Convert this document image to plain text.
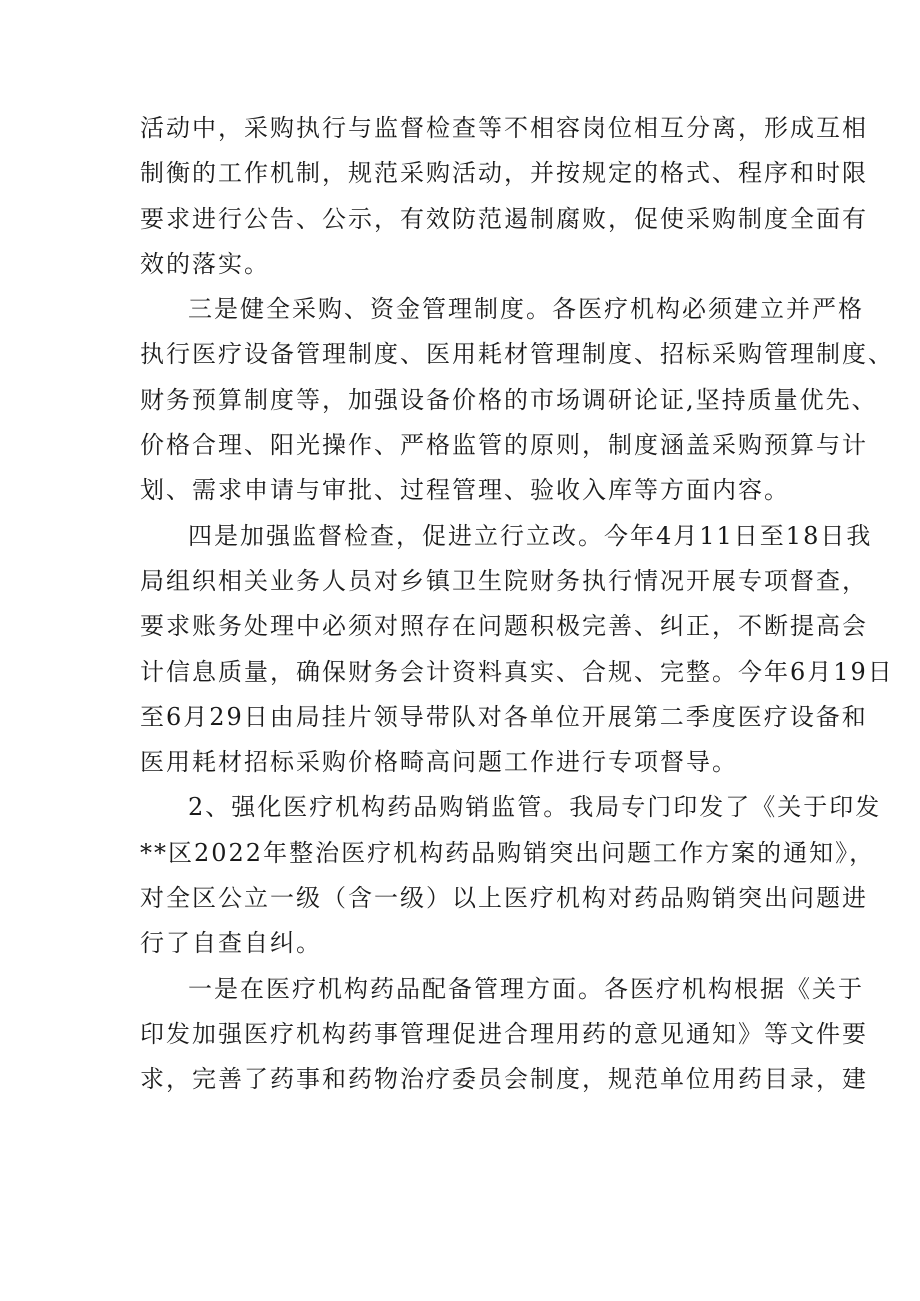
活动中，采购执行与监督检查等不相容岗位相互分离，形成互相
制衡的工作机制，规范采购活动，并按规定的格式、程序和时限
要求进行公告、公示，有效防范遏制腐败，促使采购制度全面有
效的落实。
三是健全采购、资金管理制度。各医疗机构必须建立并严格
执行医疗设备管理制度、医用耗材管理制度、招标采购管理制度、
财务预算制度等，加强设备价格的市场调研论证,坚持质量优先、
价格合理、阳光操作、严格监管的原则，制度涵盖采购预算与计
划、需求申请与审批、过程管理、验收入库等方面内容。
四是加强监督检查，促进立行立改。今年4月11日至18日我
局组织相关业务人员对乡镇卫生院财务执行情况开展专项督查，
要求账务处理中必须对照存在问题积极完善、纠正，不断提高会
计信息质量，确保财务会计资料真实、合规、完整。今年6月19日
至6月29日由局挂片领导带队对各单位开展第二季度医疗设备和
医用耗材招标采购价格畸高问题工作进行专项督导。
2、强化医疗机构药品购销监管。我局专门印发了《关于印发
**区2022年整治医疗机构药品购销突出问题工作方案的通知》，
对全区公立一级（含一级）以上医疗机构对药品购销突出问题进
行了自查自纠。
一是在医疗机构药品配备管理方面。各医疗机构根据《关于
印发加强医疗机构药事管理促进合理用药的意见通知》等文件要
求，完善了药事和药物治疗委员会制度，规范单位用药目录，建
